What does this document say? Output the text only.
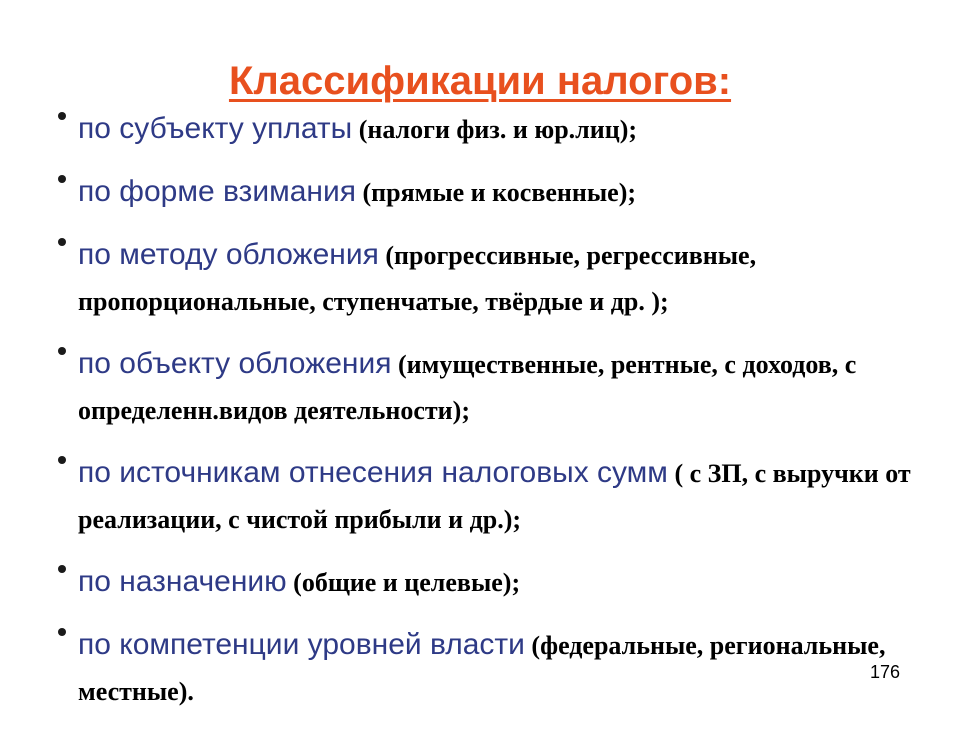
Классификации налогов:
по субъекту уплаты (налоги физ. и юр.лиц);
по форме взимания (прямые и косвенные);
по методу обложения (прогрессивные, регрессивные, пропорциональные, ступенчатые, твёрдые и др. );
по объекту обложения (имущественные, рентные, с доходов, с определенн.видов деятельности);
по источникам отнесения налоговых сумм ( с ЗП, с выручки от реализации, с чистой прибыли и др.);
по назначению (общие и целевые);
по компетенции уровней власти (федеральные, региональные, местные).
176
